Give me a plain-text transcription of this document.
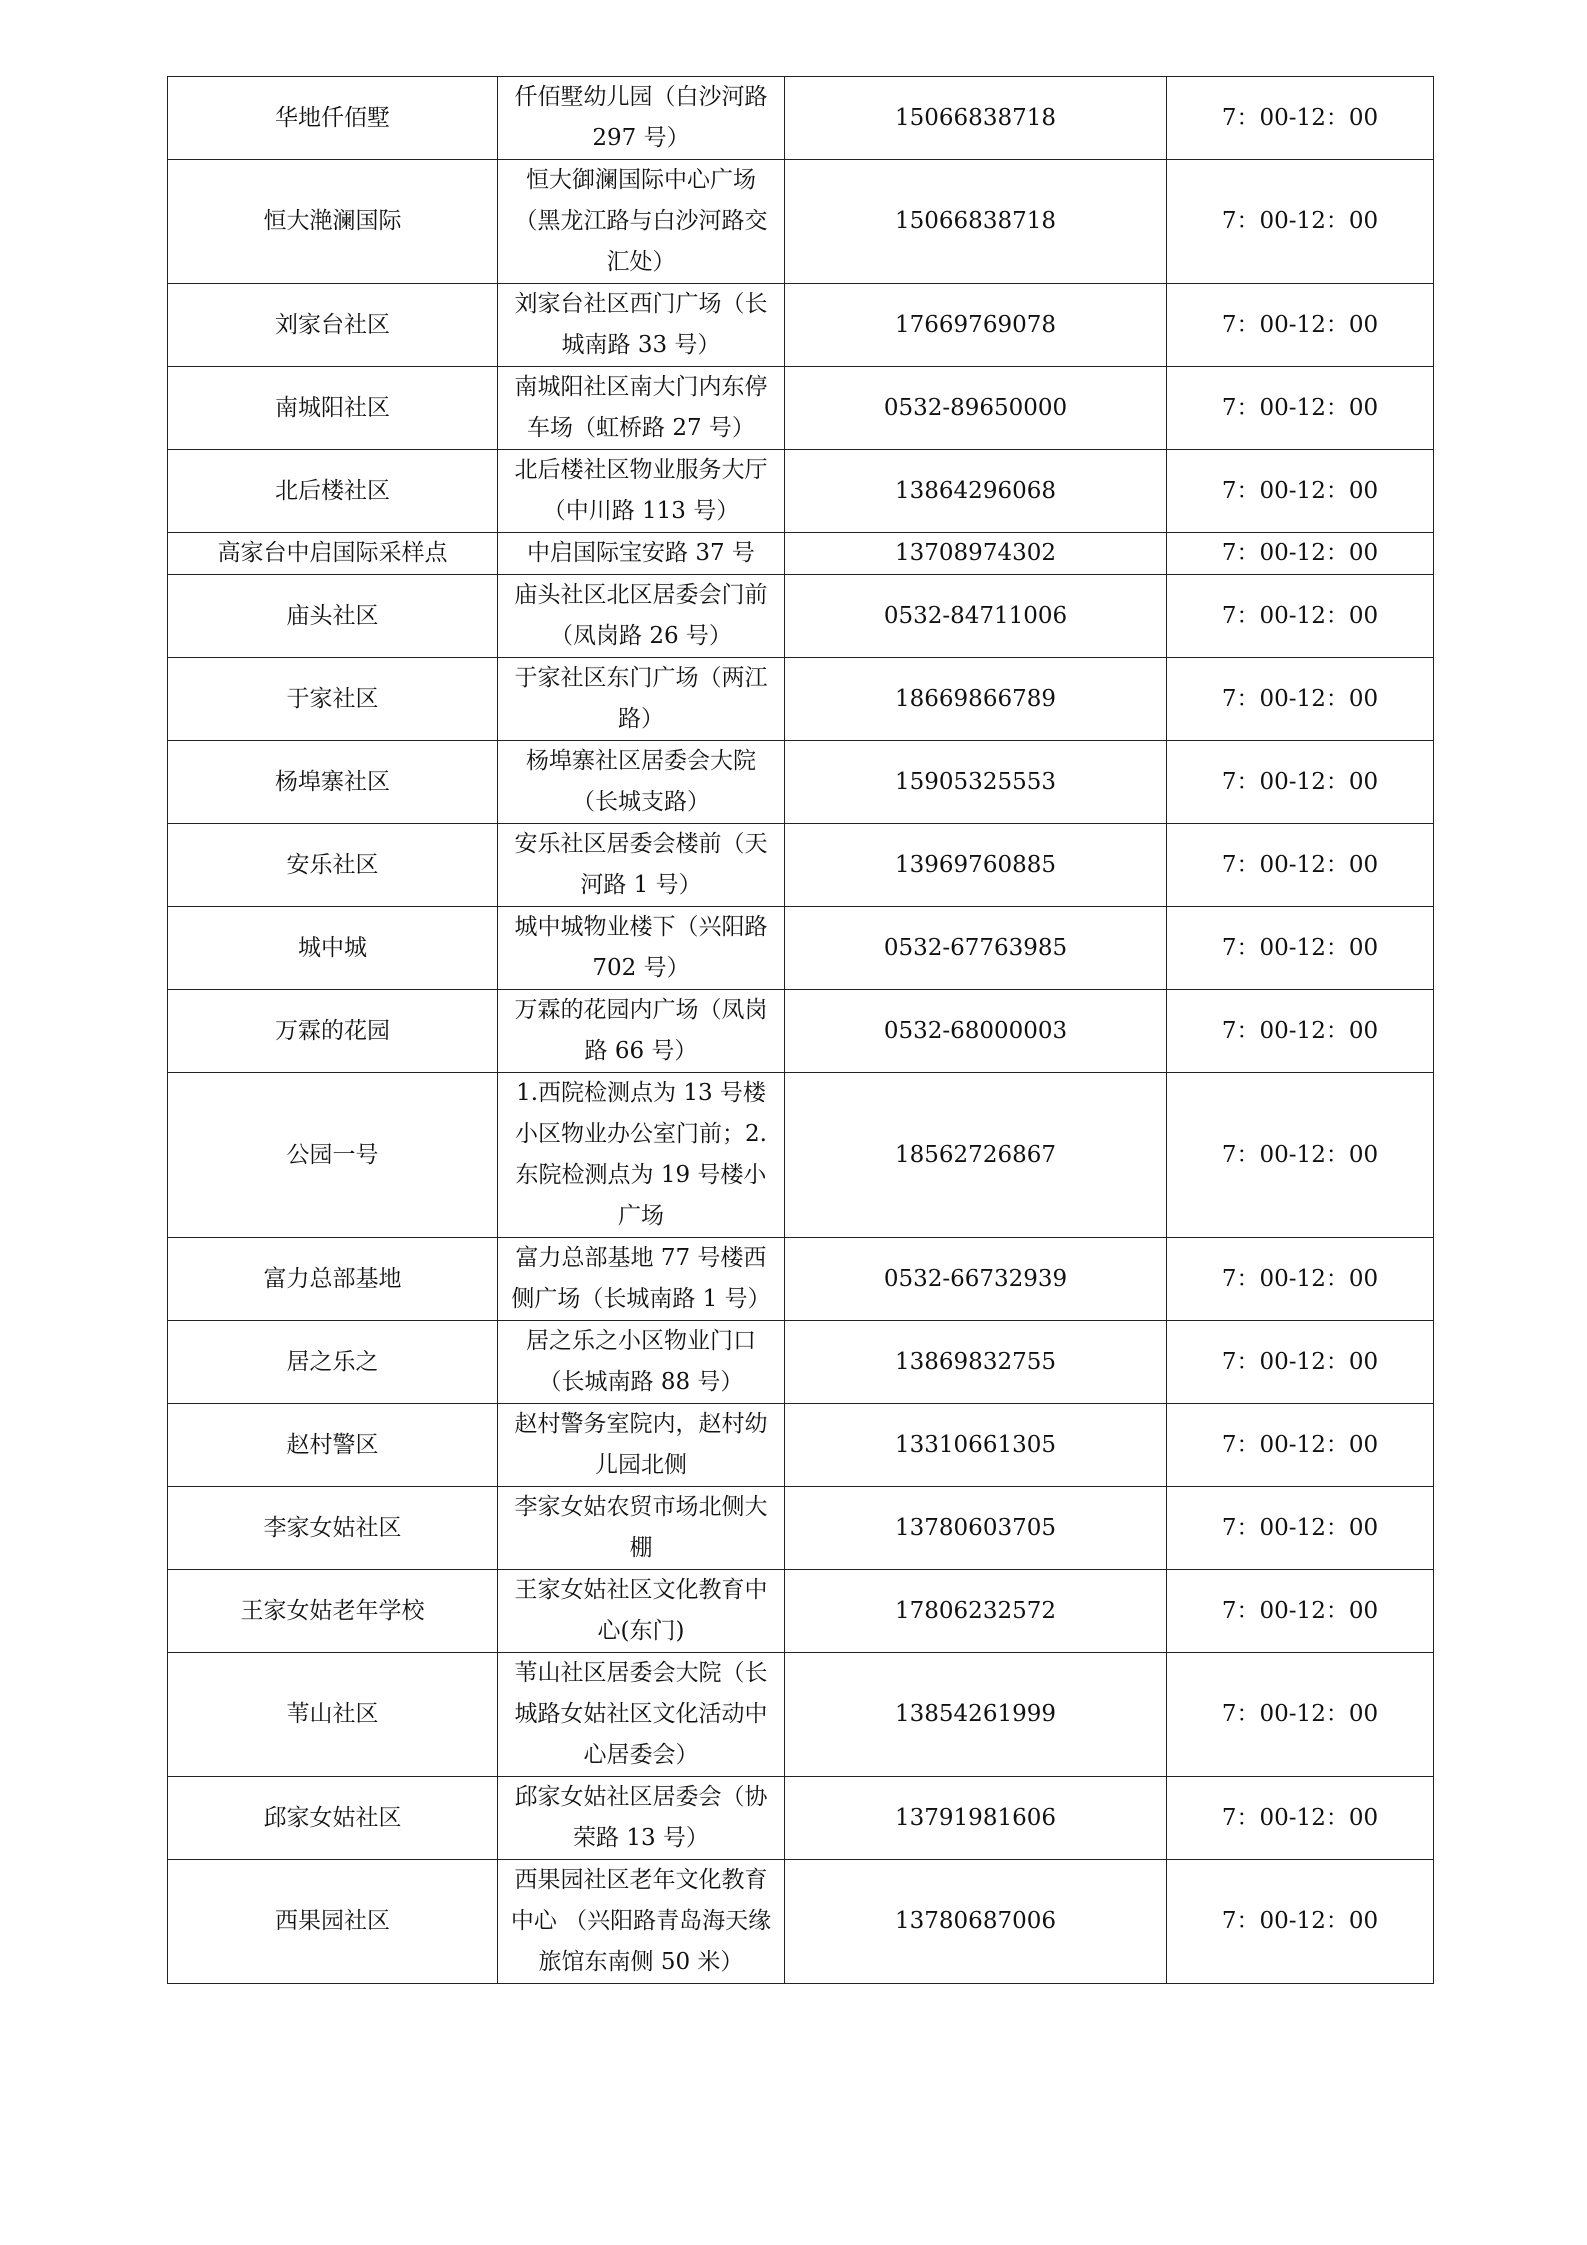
华地仟佰墅	仟佰墅幼儿园（白沙河路 297 号）	15066838718	7：00-12：00
恒大滟澜国际	恒大御澜国际中心广场（黑龙江路与白沙河路交汇处）	15066838718	7：00-12：00
刘家台社区	刘家台社区西门广场（长城南路 33 号）	17669769078	7：00-12：00
南城阳社区	南城阳社区南大门内东停车场（虹桥路 27 号）	0532-89650000	7：00-12：00
北后楼社区	北后楼社区物业服务大厅（中川路 113 号）	13864296068	7：00-12：00
高家台中启国际采样点	中启国际宝安路 37 号	13708974302	7：00-12：00
庙头社区	庙头社区北区居委会门前（凤岗路 26 号）	0532-84711006	7：00-12：00
于家社区	于家社区东门广场（两江路）	18669866789	7：00-12：00
杨埠寨社区	杨埠寨社区居委会大院（长城支路）	15905325553	7：00-12：00
安乐社区	安乐社区居委会楼前（天河路 1 号）	13969760885	7：00-12：00
城中城	城中城物业楼下（兴阳路 702 号）	0532-67763985	7：00-12：00
万霖的花园	万霖的花园内广场（凤岗路 66 号）	0532-68000003	7：00-12：00
公园一号	1.西院检测点为 13 号楼小区物业办公室门前；2.东院检测点为 19 号楼小广场	18562726867	7：00-12：00
富力总部基地	富力总部基地 77 号楼西侧广场（长城南路 1 号）	0532-66732939	7：00-12：00
居之乐之	居之乐之小区物业门口（长城南路 88 号）	13869832755	7：00-12：00
赵村警区	赵村警务室院内，赵村幼儿园北侧	13310661305	7：00-12：00
李家女姑社区	李家女姑农贸市场北侧大棚	13780603705	7：00-12：00
王家女姑老年学校	王家女姑社区文化教育中心(东门)	17806232572	7：00-12：00
苇山社区	苇山社区居委会大院（长城路女姑社区文化活动中心居委会）	13854261999	7：00-12：00
邱家女姑社区	邱家女姑社区居委会（协荣路 13 号）	13791981606	7：00-12：00
西果园社区	西果园社区老年文化教育中心 （兴阳路青岛海天缘旅馆东南侧 50 米）	13780687006	7：00-12：00
